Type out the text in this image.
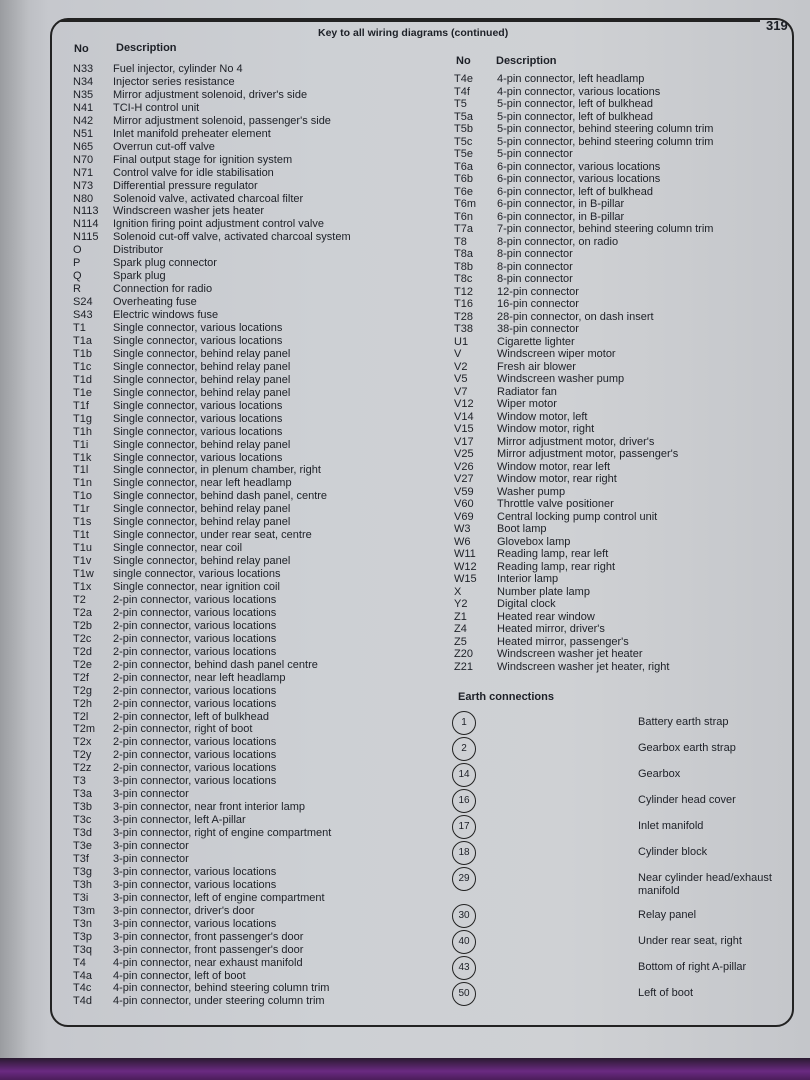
319
Key to all wiring diagrams (continued)
No Description
No Description
N33	Fuel injector, cylinder No 4
N34	Injector series resistance
N35	Mirror adjustment solenoid, driver's side
N41	TCI-H control unit
N42	Mirror adjustment solenoid, passenger's side
N51	Inlet manifold preheater element
N65	Overrun cut-off valve
N70	Final output stage for ignition system
N71	Control valve for idle stabilisation
N73	Differential pressure regulator
N80	Solenoid valve, activated charcoal filter
N113	Windscreen washer jets heater
N114	Ignition firing point adjustment control valve
N115	Solenoid cut-off valve, activated charcoal system
O	Distributor
P	Spark plug connector
Q	Spark plug
R	Connection for radio
S24	Overheating fuse
S43	Electric windows fuse
T1	Single connector, various locations
T1a	Single connector, various locations
T1b	Single connector, behind relay panel
T1c	Single connector, behind relay panel
T1d	Single connector, behind relay panel
T1e	Single connector, behind relay panel
T1f	Single connector, various locations
T1g	Single connector, various locations
T1h	Single connector, various locations
T1i	Single connector, behind relay panel
T1k	Single connector, various locations
T1l	Single connector, in plenum chamber, right
T1n	Single connector, near left headlamp
T1o	Single connector, behind dash panel, centre
T1r	Single connector, behind relay panel
T1s	Single connector, behind relay panel
T1t	Single connector, under rear seat, centre
T1u	Single connector, near coil
T1v	Single connector, behind relay panel
T1w	single connector, various locations
T1x	Single connector, near ignition coil
T2	2-pin connector, various locations
T2a	2-pin connector, various locations
T2b	2-pin connector, various locations
T2c	2-pin connector, various locations
T2d	2-pin connector, various locations
T2e	2-pin connector, behind dash panel centre
T2f	2-pin connector, near left headlamp
T2g	2-pin connector, various locations
T2h	2-pin connector, various locations
T2l	2-pin connector, left of bulkhead
T2m	2-pin connector, right of boot
T2x	2-pin connector, various locations
T2y	2-pin connector, various locations
T2z	2-pin connector, various locations
T3	3-pin connector, various locations
T3a	3-pin connector
T3b	3-pin connector, near front interior lamp
T3c	3-pin connector, left A-pillar
T3d	3-pin connector, right of engine compartment
T3e	3-pin connector
T3f	3-pin connector
T3g	3-pin connector, various locations
T3h	3-pin connector, various locations
T3i	3-pin connector, left of engine compartment
T3m	3-pin connector, driver's door
T3n	3-pin connector, various locations
T3p	3-pin connector, front passenger's door
T3q	3-pin connector, front passenger's door
T4	4-pin connector, near exhaust manifold
T4a	4-pin connector, left of boot
T4c	4-pin connector, behind steering column trim
T4d	4-pin connector, under steering column trim
T4e	4-pin connector, left headlamp
T4f	4-pin connector, various locations
T5	5-pin connector, left of bulkhead
T5a	5-pin connector, left of bulkhead
T5b	5-pin connector, behind steering column trim
T5c	5-pin connector, behind steering column trim
T5e	5-pin connector
T6a	6-pin connector, various locations
T6b	6-pin connector, various locations
T6e	6-pin connector, left of bulkhead
T6m	6-pin connector, in B-pillar
T6n	6-pin connector, in B-pillar
T7a	7-pin connector, behind steering column trim
T8	8-pin connector, on radio
T8a	8-pin connector
T8b	8-pin connector
T8c	8-pin connector
T12	12-pin connector
T16	16-pin connector
T28	28-pin connector, on dash insert
T38	38-pin connector
U1	Cigarette lighter
V	Windscreen wiper motor
V2	Fresh air blower
V5	Windscreen washer pump
V7	Radiator fan
V12	Wiper motor
V14	Window motor, left
V15	Window motor, right
V17	Mirror adjustment motor, driver's
V25	Mirror adjustment motor, passenger's
V26	Window motor, rear left
V27	Window motor, rear right
V59	Washer pump
V60	Throttle valve positioner
V69	Central locking pump control unit
W3	Boot lamp
W6	Glovebox lamp
W11	Reading lamp, rear left
W12	Reading lamp, rear right
W15	Interior lamp
X	Number plate lamp
Y2	Digital clock
Z1	Heated rear window
Z4	Heated mirror, driver's
Z5	Heated mirror, passenger's
Z20	Windscreen washer jet heater
Z21	Windscreen washer jet heater, right
Earth connections
1	Battery earth strap
2	Gearbox earth strap
14	Gearbox
16	Cylinder head cover
17	Inlet manifold
18	Cylinder block
29	Near cylinder head/exhaust manifold
30	Relay panel
40	Under rear seat, right
43	Bottom of right A-pillar
50	Left of boot
